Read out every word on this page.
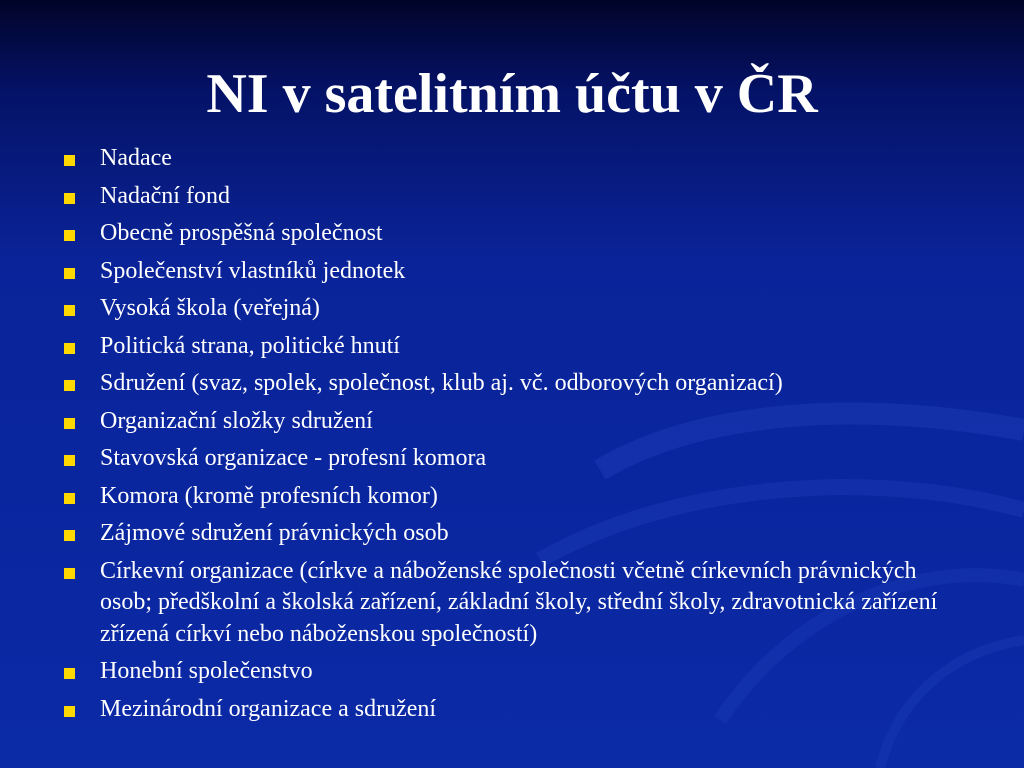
NI v satelitním účtu v ČR
Nadace
Nadační fond
Obecně prospěšná společnost
Společenství vlastníků jednotek
Vysoká škola (veřejná)
Politická strana, politické hnutí
Sdružení (svaz, spolek, společnost, klub aj. vč. odborových organizací)
Organizační složky sdružení
Stavovská organizace - profesní komora
Komora (kromě profesních komor)
Zájmové sdružení právnických osob
Církevní organizace (církve a náboženské společnosti včetně církevních právnických osob; předškolní a školská zařízení, základní školy, střední školy, zdravotnická zařízení zřízená církví nebo náboženskou společností)
Honební společenstvo
Mezinárodní organizace a sdružení
